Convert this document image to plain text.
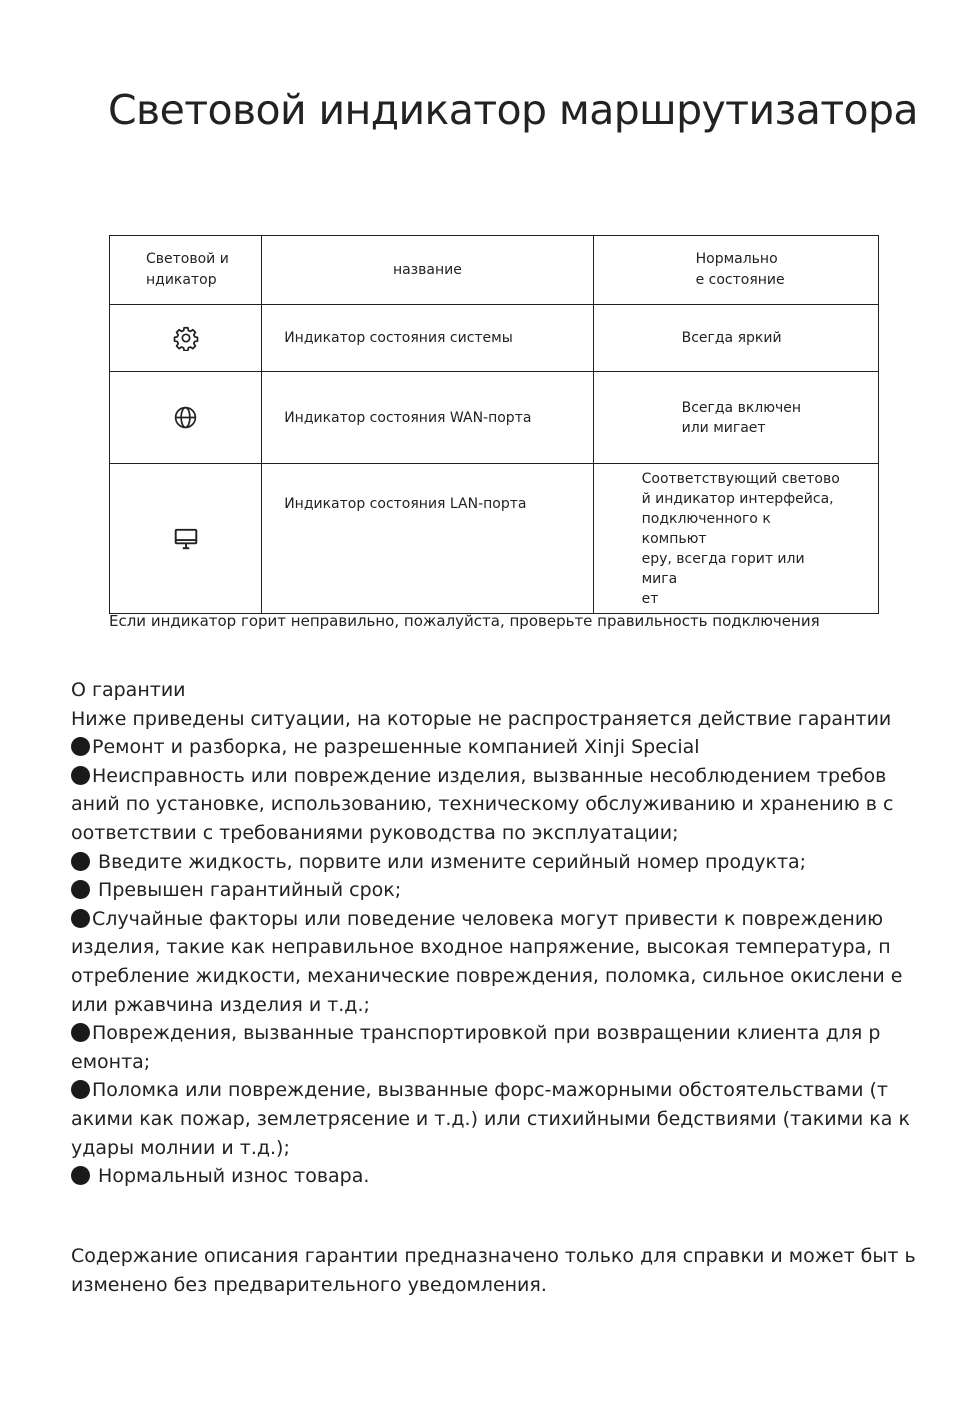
Световой индикатор маршрутизатора
Световой и
ндикатор	название	Нормально
е состояние
	Индикатор состояния системы	Всегда яркий
	Индикатор состояния WAN-порта	Всегда включен
или мигает
	Индикатор состояния LAN-порта	Соответствующий светово
й индикатор интерфейса,
подключенного к компьют
еру, всегда горит или мига
ет
Если индикатор горит неправильно, пожалуйста, проверьте правильность подключения

О гарантии

Ниже приведены ситуации, на которые не распространяется действие гарантии

Ремонт и разборка, не разрешенные компанией Xinji Special

Неисправность или повреждение изделия, вызванные несоблюдением требов аний по установке, использованию, техническому обслуживанию и хранению в с оответствии с требованиями руководства по эксплуатации;

Введите жидкость, порвите или измените серийный номер продукта;

Превышен гарантийный срок;

Случайные факторы или поведение человека могут привести к повреждению изделия, такие как неправильное входное напряжение, высокая температура, п отребление жидкости, механические повреждения, поломка, сильное окислени е или ржавчина изделия и т.д.;

Повреждения, вызванные транспортировкой при возвращении клиента для р емонта;

Поломка или повреждение, вызванные форс-мажорными обстоятельствами (т акими как пожар, землетрясение и т.д.) или стихийными бедствиями (такими ка к удары молнии и т.д.);

Нормальный износ товара.

Содержание описания гарантии предназначено только для справки и может быт ь изменено без предварительного уведомления.
